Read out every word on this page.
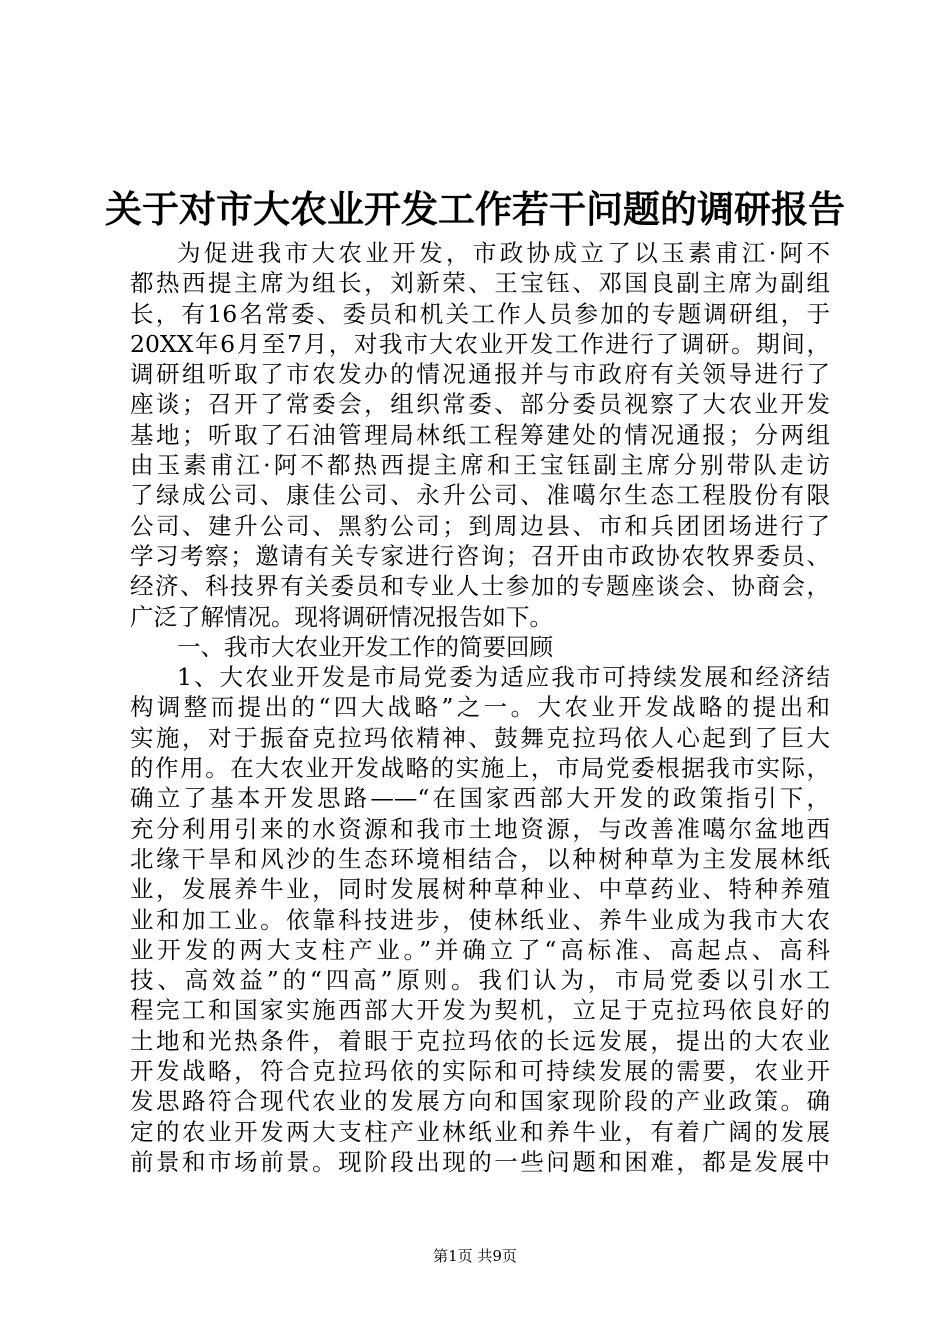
关于对市大农业开发工作若干问题的调研报告
为促进我市大农业开发，市政协成立了以玉素甫江·阿不
都热西提主席为组长，刘新荣、王宝钰、邓国良副主席为副组
长，有16名常委、委员和机关工作人员参加的专题调研组，于
20XX年6月至7月，对我市大农业开发工作进行了调研。期间，
调研组听取了市农发办的情况通报并与市政府有关领导进行了
座谈；召开了常委会，组织常委、部分委员视察了大农业开发
基地；听取了石油管理局林纸工程筹建处的情况通报；分两组
由玉素甫江·阿不都热西提主席和王宝钰副主席分别带队走访
了绿成公司、康佳公司、永升公司、准噶尔生态工程股份有限
公司、建升公司、黑豹公司；到周边县、市和兵团团场进行了
学习考察；邀请有关专家进行咨询；召开由市政协农牧界委员、
经济、科技界有关委员和专业人士参加的专题座谈会、协商会，
广泛了解情况。现将调研情况报告如下。
一、我市大农业开发工作的简要回顾
1、大农业开发是市局党委为适应我市可持续发展和经济结
构调整而提出的“四大战略”之一。大农业开发战略的提出和
实施，对于振奋克拉玛依精神、鼓舞克拉玛依人心起到了巨大
的作用。在大农业开发战略的实施上，市局党委根据我市实际，
确立了基本开发思路——“在国家西部大开发的政策指引下，
充分利用引来的水资源和我市土地资源，与改善准噶尔盆地西
北缘干旱和风沙的生态环境相结合，以种树种草为主发展林纸
业，发展养牛业，同时发展树种草种业、中草药业、特种养殖
业和加工业。依靠科技进步，使林纸业、养牛业成为我市大农
业开发的两大支柱产业。”并确立了“高标准、高起点、高科
技、高效益”的“四高”原则。我们认为，市局党委以引水工
程完工和国家实施西部大开发为契机，立足于克拉玛依良好的
土地和光热条件，着眼于克拉玛依的长远发展，提出的大农业
开发战略，符合克拉玛依的实际和可持续发展的需要，农业开
发思路符合现代农业的发展方向和国家现阶段的产业政策。确
定的农业开发两大支柱产业林纸业和养牛业，有着广阔的发展
前景和市场前景。现阶段出现的一些问题和困难，都是发展中
第1页 共9页
